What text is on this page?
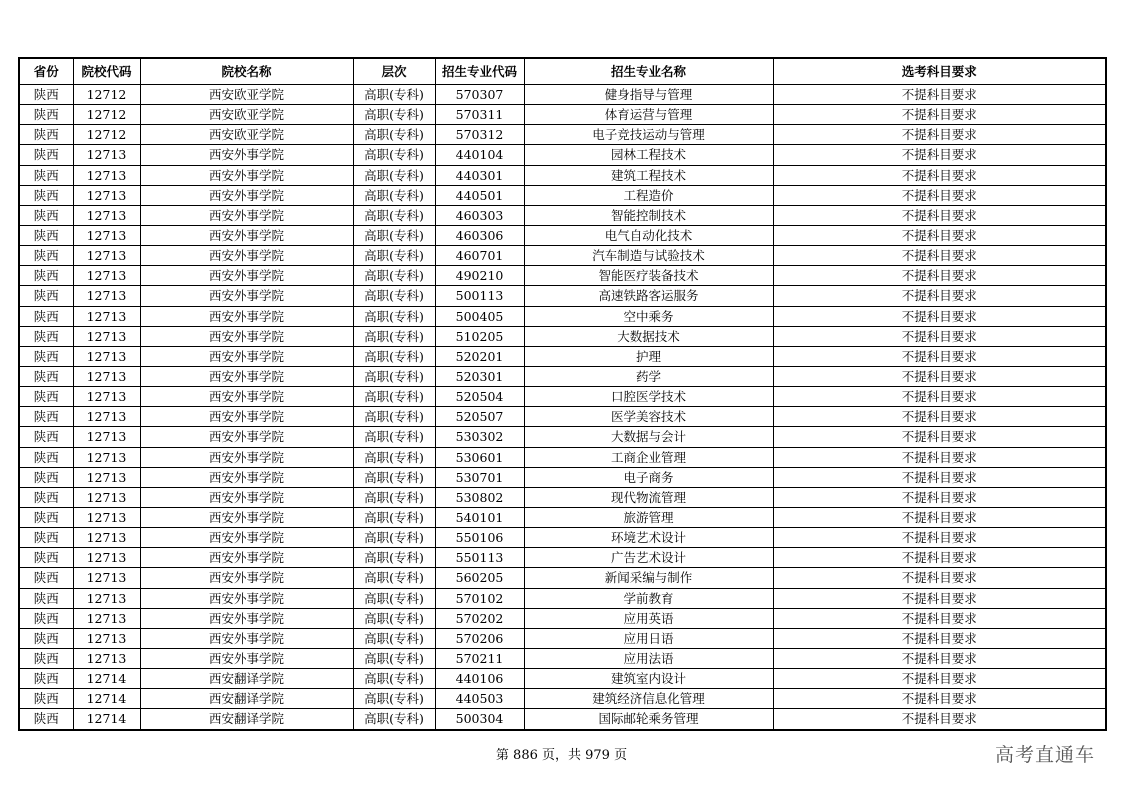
省份	院校代码	院校名称	层次	招生专业代码	招生专业名称	选考科目要求
陕西	12712	西安欧亚学院	高职(专科)	570307	健身指导与管理	不提科目要求
陕西	12712	西安欧亚学院	高职(专科)	570311	体育运营与管理	不提科目要求
陕西	12712	西安欧亚学院	高职(专科)	570312	电子竞技运动与管理	不提科目要求
陕西	12713	西安外事学院	高职(专科)	440104	园林工程技术	不提科目要求
陕西	12713	西安外事学院	高职(专科)	440301	建筑工程技术	不提科目要求
陕西	12713	西安外事学院	高职(专科)	440501	工程造价	不提科目要求
陕西	12713	西安外事学院	高职(专科)	460303	智能控制技术	不提科目要求
陕西	12713	西安外事学院	高职(专科)	460306	电气自动化技术	不提科目要求
陕西	12713	西安外事学院	高职(专科)	460701	汽车制造与试验技术	不提科目要求
陕西	12713	西安外事学院	高职(专科)	490210	智能医疗装备技术	不提科目要求
陕西	12713	西安外事学院	高职(专科)	500113	高速铁路客运服务	不提科目要求
陕西	12713	西安外事学院	高职(专科)	500405	空中乘务	不提科目要求
陕西	12713	西安外事学院	高职(专科)	510205	大数据技术	不提科目要求
陕西	12713	西安外事学院	高职(专科)	520201	护理	不提科目要求
陕西	12713	西安外事学院	高职(专科)	520301	药学	不提科目要求
陕西	12713	西安外事学院	高职(专科)	520504	口腔医学技术	不提科目要求
陕西	12713	西安外事学院	高职(专科)	520507	医学美容技术	不提科目要求
陕西	12713	西安外事学院	高职(专科)	530302	大数据与会计	不提科目要求
陕西	12713	西安外事学院	高职(专科)	530601	工商企业管理	不提科目要求
陕西	12713	西安外事学院	高职(专科)	530701	电子商务	不提科目要求
陕西	12713	西安外事学院	高职(专科)	530802	现代物流管理	不提科目要求
陕西	12713	西安外事学院	高职(专科)	540101	旅游管理	不提科目要求
陕西	12713	西安外事学院	高职(专科)	550106	环境艺术设计	不提科目要求
陕西	12713	西安外事学院	高职(专科)	550113	广告艺术设计	不提科目要求
陕西	12713	西安外事学院	高职(专科)	560205	新闻采编与制作	不提科目要求
陕西	12713	西安外事学院	高职(专科)	570102	学前教育	不提科目要求
陕西	12713	西安外事学院	高职(专科)	570202	应用英语	不提科目要求
陕西	12713	西安外事学院	高职(专科)	570206	应用日语	不提科目要求
陕西	12713	西安外事学院	高职(专科)	570211	应用法语	不提科目要求
陕西	12714	西安翻译学院	高职(专科)	440106	建筑室内设计	不提科目要求
陕西	12714	西安翻译学院	高职(专科)	440503	建筑经济信息化管理	不提科目要求
陕西	12714	西安翻译学院	高职(专科)	500304	国际邮轮乘务管理	不提科目要求
第 886 页，共 979 页	高考直通车
